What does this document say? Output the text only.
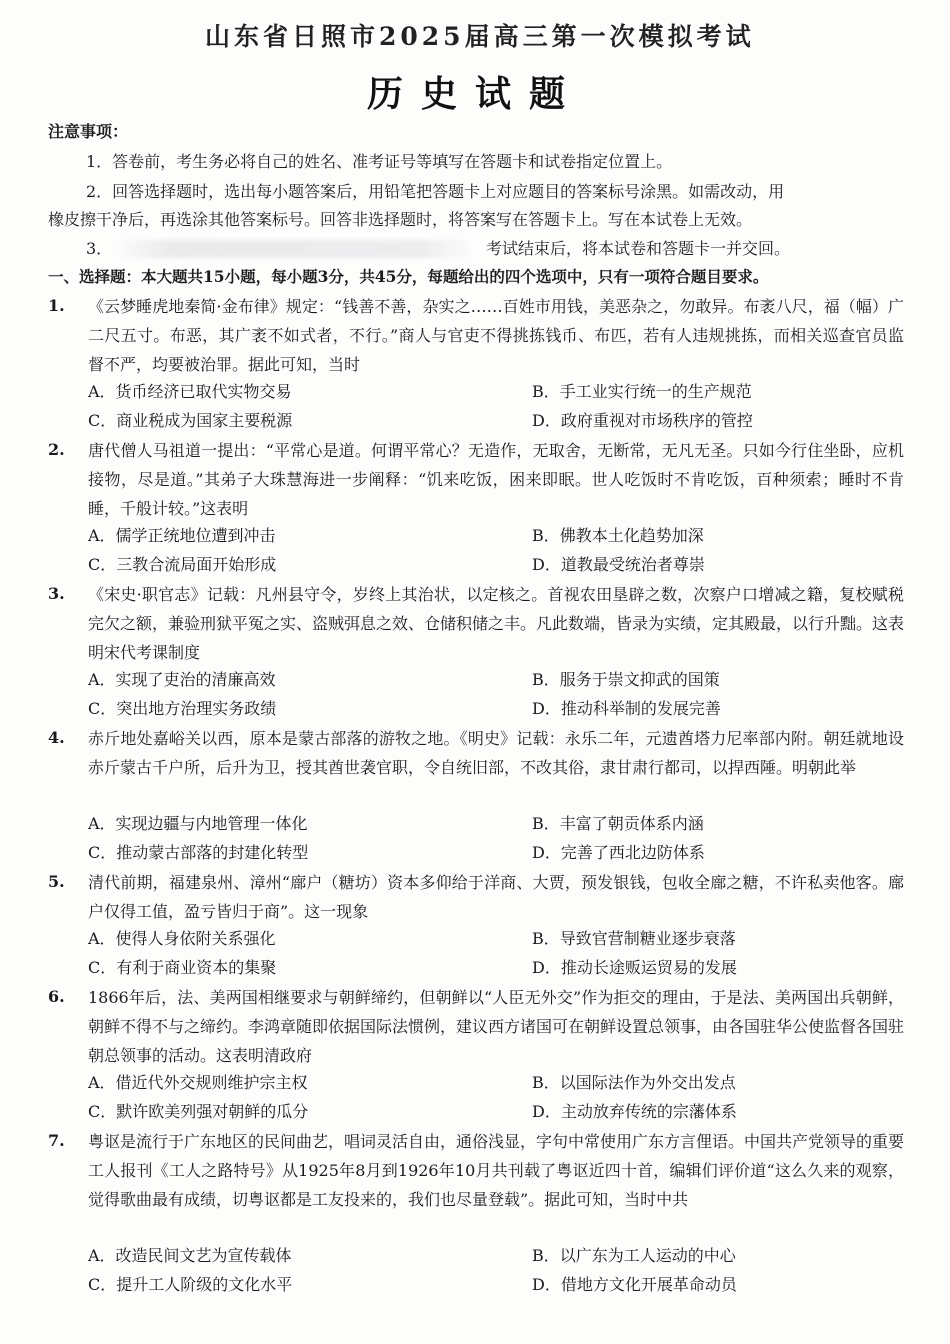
山东省日照市2025届高三第一次模拟考试
历史试题
注意事项：
1．答卷前，考生务必将自己的姓名、准考证号等填写在答题卡和试卷指定位置上。
2．回答选择题时，选出每小题答案后，用铅笔把答题卡上对应题目的答案标号涂黑。如需改动，用
橡皮擦干净后，再选涂其他答案标号。回答非选择题时，将答案写在答题卡上。写在本试卷上无效。
3．	考试结束后，将本试卷和答题卡一并交回。
一、选择题：本大题共15小题，每小题3分，共45分，每题给出的四个选项中，只有一项符合题目要求。
1. 《云梦睡虎地秦简·金布律》规定：“钱善不善，杂实之……百姓市用钱，美恶杂之，勿敢异。布袤八尺，福（幅）广二尺五寸。布恶，其广袤不如式者，不行。”商人与官吏不得挑拣钱币、布匹，若有人违规挑拣，而相关巡查官员监督不严，均要被治罪。据此可知，当时
A．货币经济已取代实物交易	B．手工业实行统一的生产规范
C．商业税成为国家主要税源	D．政府重视对市场秩序的管控
2. 唐代僧人马祖道一提出：“平常心是道。何谓平常心？无造作，无取舍，无断常，无凡无圣。只如今行住坐卧，应机接物，尽是道。”其弟子大珠慧海进一步阐释：“饥来吃饭，困来即眠。世人吃饭时不肯吃饭，百种须索；睡时不肯睡，千般计较。”这表明
A．儒学正统地位遭到冲击	B．佛教本土化趋势加深
C．三教合流局面开始形成	D．道教最受统治者尊崇
3. 《宋史·职官志》记载：凡州县守令，岁终上其治状，以定核之。首视农田垦辟之数，次察户口增减之籍，复校赋税完欠之额，兼验刑狱平冤之实、盗贼弭息之效、仓储积储之丰。凡此数端，皆录为实绩，定其殿最，以行升黜。这表明宋代考课制度
A．实现了吏治的清廉高效	B．服务于崇文抑武的国策
C．突出地方治理实务政绩	D．推动科举制的发展完善
4. 赤斤地处嘉峪关以西，原本是蒙古部落的游牧之地。《明史》记载：永乐二年，元遗酋塔力尼率部内附。朝廷就地设赤斤蒙古千户所，后升为卫，授其酋世袭官职，令自统旧部，不改其俗，隶甘肃行都司，以捍西陲。明朝此举
A．实现边疆与内地管理一体化	B．丰富了朝贡体系内涵
C．推动蒙古部落的封建化转型	D．完善了西北边防体系
5. 清代前期，福建泉州、漳州“廍户（糖坊）资本多仰给于洋商、大贾，预发银钱，包收全廍之糖，不许私卖他客。廍户仅得工值，盈亏皆归于商”。这一现象
A．使得人身依附关系强化	B．导致官营制糖业逐步衰落
C．有利于商业资本的集聚	D．推动长途贩运贸易的发展
6. 1866年后，法、美两国相继要求与朝鲜缔约，但朝鲜以“人臣无外交”作为拒交的理由，于是法、美两国出兵朝鲜，朝鲜不得不与之缔约。李鸿章随即依据国际法惯例，建议西方诸国可在朝鲜设置总领事，由各国驻华公使监督各国驻朝总领事的活动。这表明清政府
A．借近代外交规则维护宗主权	B．以国际法作为外交出发点
C．默许欧美列强对朝鲜的瓜分	D．主动放弃传统的宗藩体系
7. 粤讴是流行于广东地区的民间曲艺，唱词灵活自由，通俗浅显，字句中常使用广东方言俚语。中国共产党领导的重要工人报刊《工人之路特号》从1925年8月到1926年10月共刊载了粤讴近四十首，编辑们评价道“这么久来的观察，觉得歌曲最有成绩，切粤讴都是工友投来的，我们也尽量登载”。据此可知，当时中共
A．改造民间文艺为宣传载体	B．以广东为工人运动的中心
C．提升工人阶级的文化水平	D．借地方文化开展革命动员
